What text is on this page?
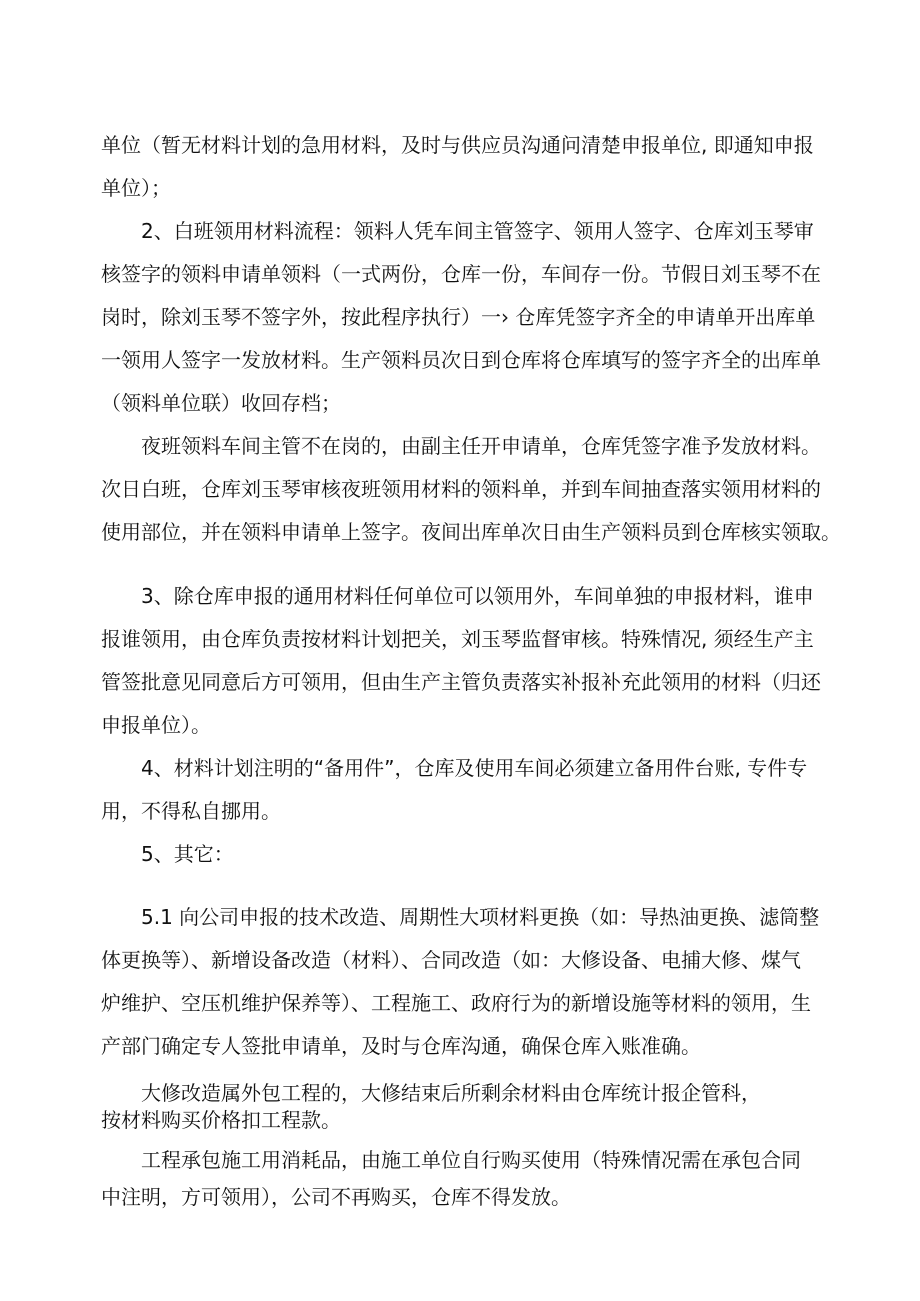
单位（暂无材料计划的急用材料，及时与供应员沟通问清楚申报单位, 即通知申报
单位）；
2、白班领用材料流程：领料人凭车间主管签字、领用人签字、仓库刘玉琴审
核签字的领料申请单领料（一式两份，仓库一份，车间存一份。节假日刘玉琴不在
岗时，除刘玉琴不签字外，按此程序执行）一› 仓库凭签字齐全的申请单开出库单
一领用人签字一发放材料。生产领料员次日到仓库将仓库填写的签字齐全的出库单
（领料单位联）收回存档；
夜班领料车间主管不在岗的，由副主任开申请单，仓库凭签字准予发放材料。
次日白班，仓库刘玉琴审核夜班领用材料的领料单，并到车间抽查落实领用材料的
使用部位，并在领料申请单上签字。夜间出库单次日由生产领料员到仓库核实领取。
3、除仓库申报的通用材料任何单位可以领用外，车间单独的申报材料，谁申
报谁领用，由仓库负责按材料计划把关，刘玉琴监督审核。特殊情况, 须经生产主
管签批意见同意后方可领用，但由生产主管负责落实补报补充此领用的材料（归还
申报单位）。
4、材料计划注明的“备用件”，仓库及使用车间必须建立备用件台账, 专件专
用，不得私自挪用。
5、其它：
5.1 向公司申报的技术改造、周期性大项材料更换（如：导热油更换、滤筒整
体更换等）、新增设备改造（材料）、合同改造（如：大修设备、电捕大修、煤气
炉维护、空压机维护保养等）、工程施工、政府行为的新增设施等材料的领用，生
产部门确定专人签批申请单，及时与仓库沟通，确保仓库入账准确。
大修改造属外包工程的，大修结束后所剩余材料由仓库统计报企管科，
按材料购买价格扣工程款。
工程承包施工用消耗品，由施工单位自行购买使用（特殊情况需在承包合同
中注明，方可领用），公司不再购买，仓库不得发放。
